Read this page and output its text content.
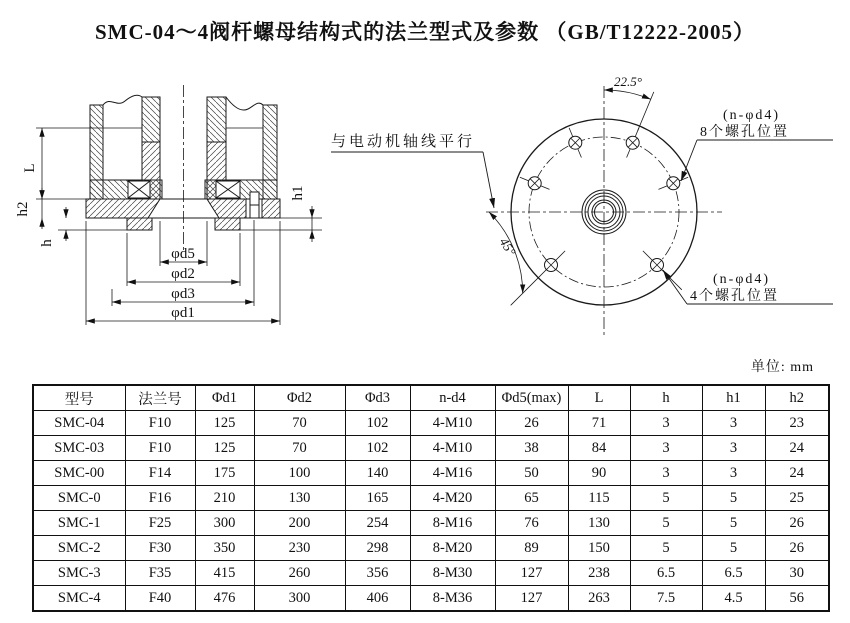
SMC-04～4阀杆螺母结构式的法兰型式及参数 （GB/T12222-2005）
L
h2
h
h1
φd5
φd2
φd3
φd1
22.5°
45°
与电动机轴线平行
(n-φd4)
8个螺孔位置
(n-φd4)
4个螺孔位置
单位: mm
型号	法兰号	Φd1	Φd2	Φd3	n-d4	Φd5(max)	L	h	h1	h2
SMC-04	F10	125	70	102	4-M10	26	71	3	3	23
SMC-03	F10	125	70	102	4-M10	38	84	3	3	24
SMC-00	F14	175	100	140	4-M16	50	90	3	3	24
SMC-0	F16	210	130	165	4-M20	65	115	5	5	25
SMC-1	F25	300	200	254	8-M16	76	130	5	5	26
SMC-2	F30	350	230	298	8-M20	89	150	5	5	26
SMC-3	F35	415	260	356	8-M30	127	238	6.5	6.5	30
SMC-4	F40	476	300	406	8-M36	127	263	7.5	4.5	56
